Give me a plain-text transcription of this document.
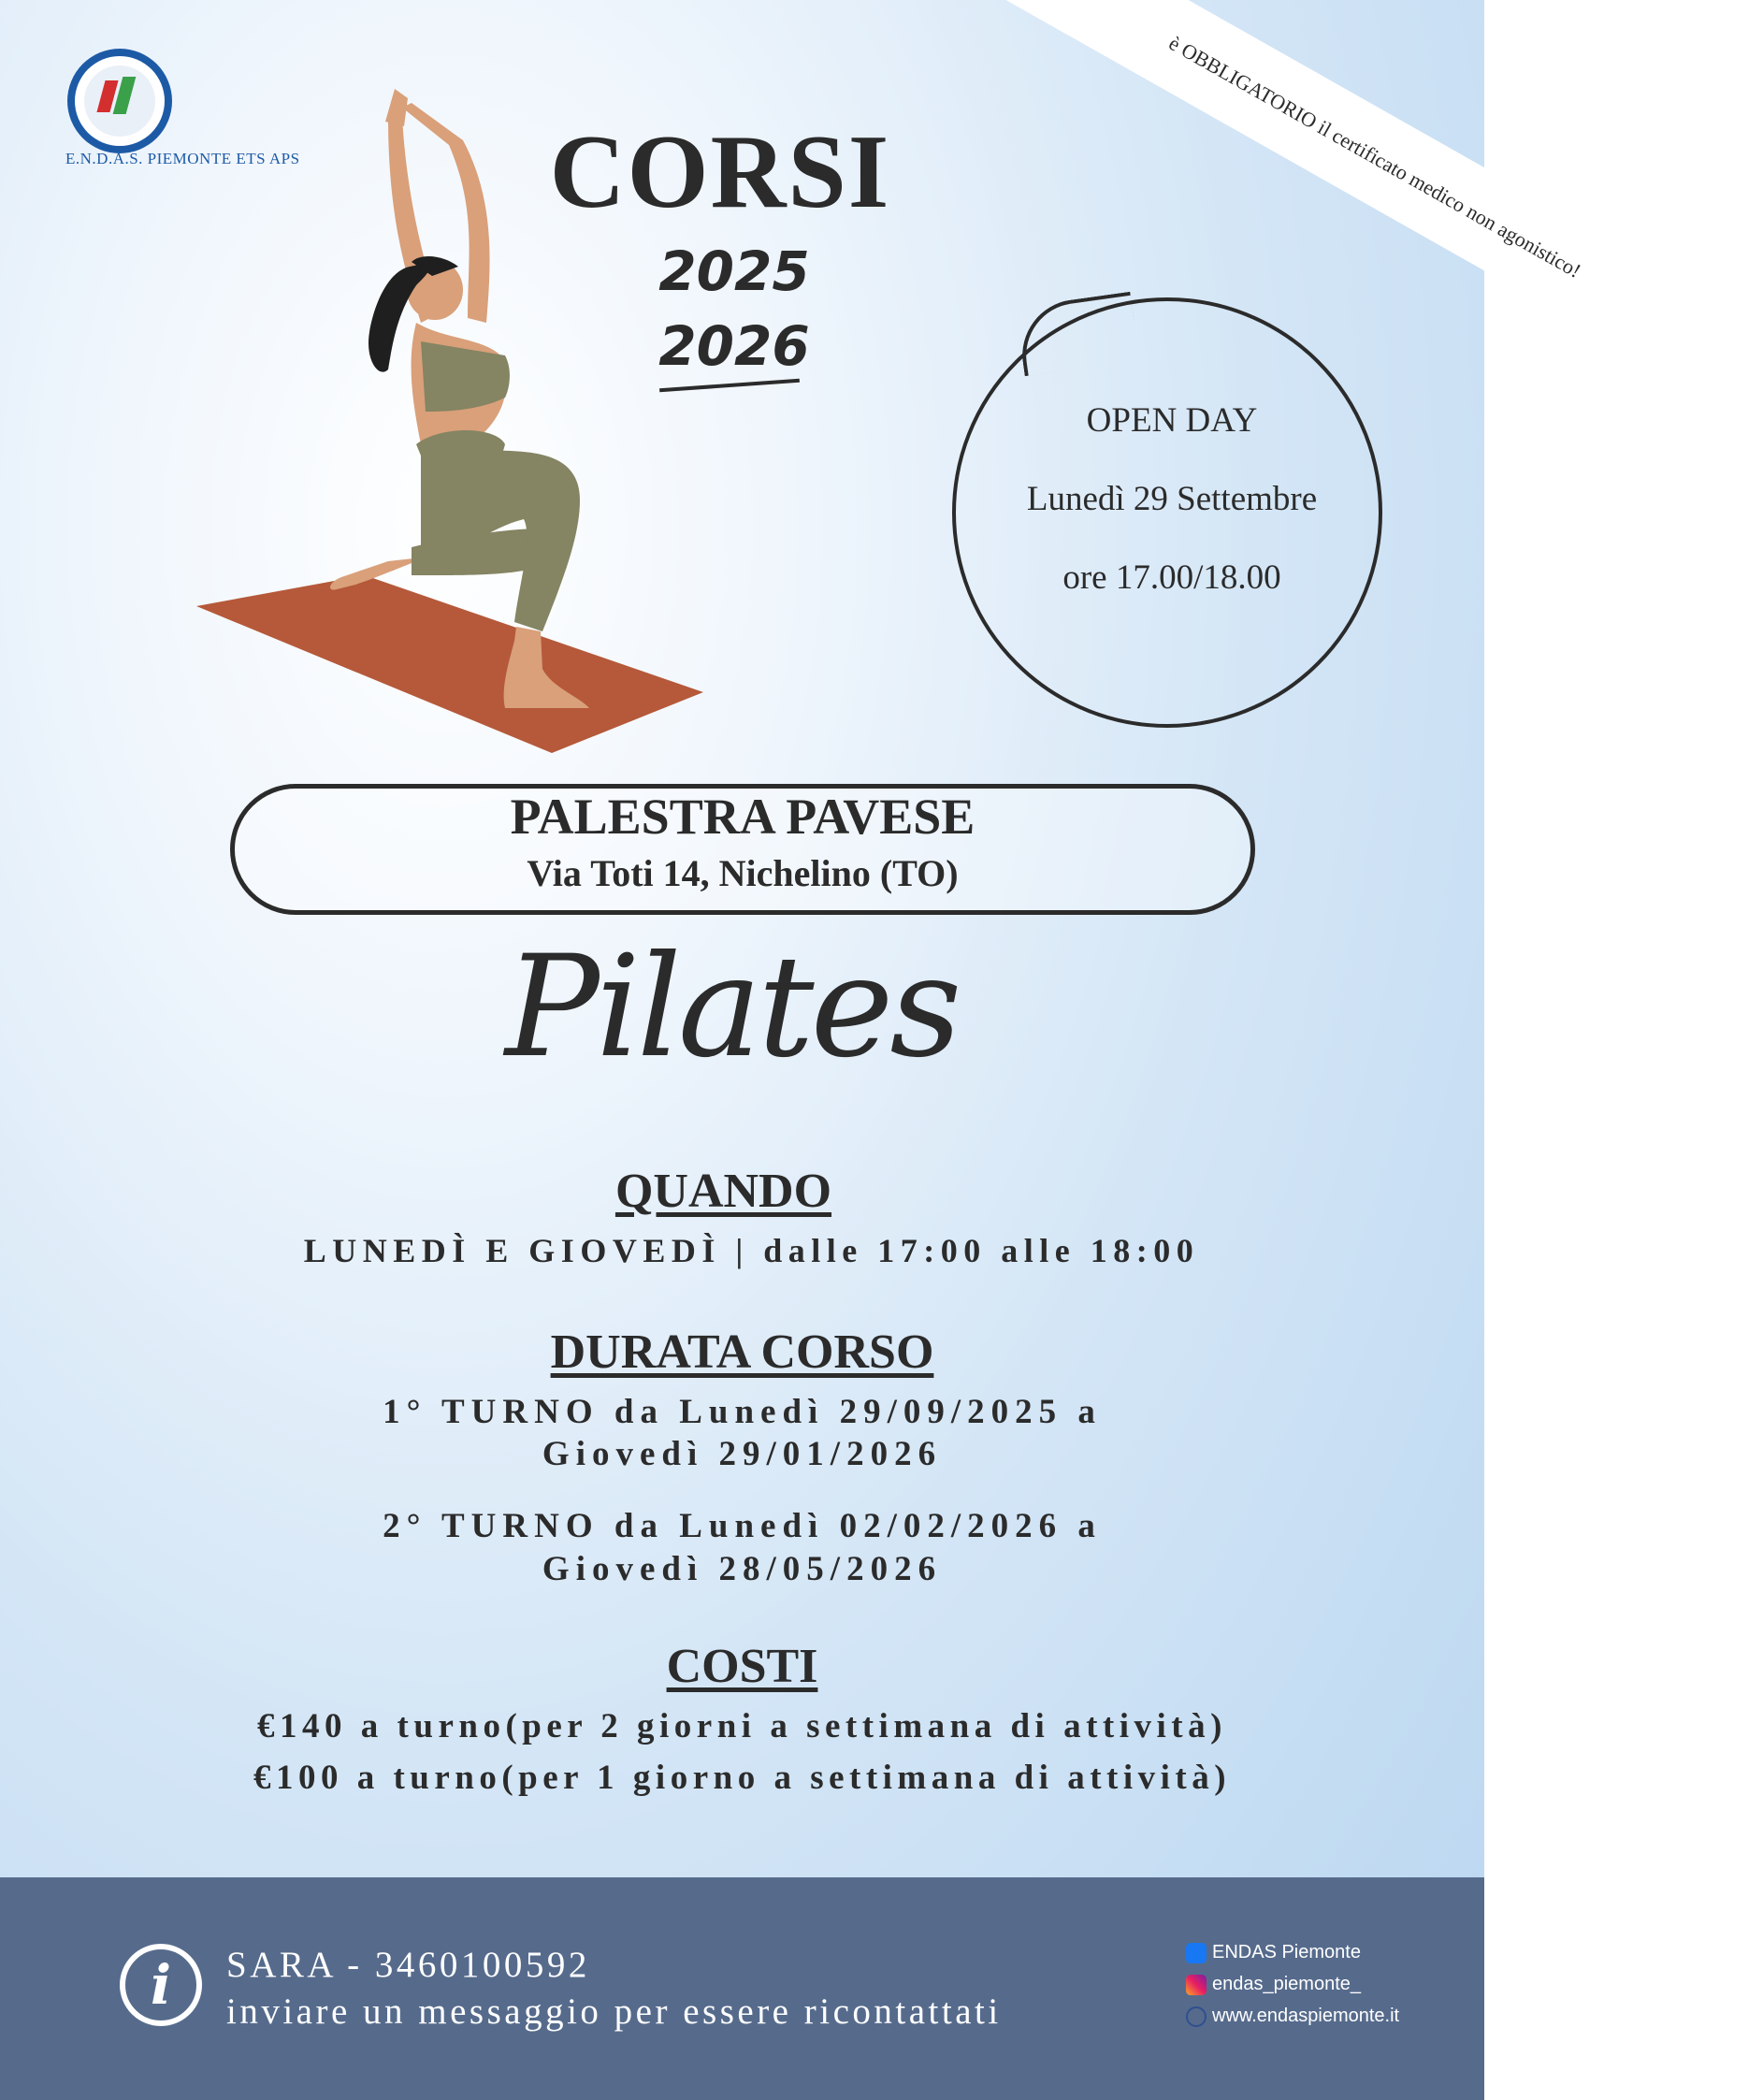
E.N.D.A.S. PIEMONTE ETS APS CORSI
2025
2026
è OBBLIGATORIO il certificato medico non agonistico!
OPEN DAY
Lunedì 29 Settembre
ore 17.00/18.00
PALESTRA PAVESE
Via Toti 14, Nichelino (TO)
Pilates
QUANDO
LUNEDÌ E GIOVEDÌ | dalle 17:00 alle 18:00
DURATA CORSO
1° TURNO da Lunedì 29/09/2025 a
Giovedì 29/01/2026
2° TURNO da Lunedì 02/02/2026 a
Giovedì 28/05/2026
COSTI
€140 a turno(per 2 giorni a settimana di attività)
€100 a turno(per 1 giorno a settimana di attività)
i	SARA - 3460100592
inviare un messaggio per essere ricontattati
ENDAS Piemonte
endas_piemonte_
www.endaspiemonte.it
